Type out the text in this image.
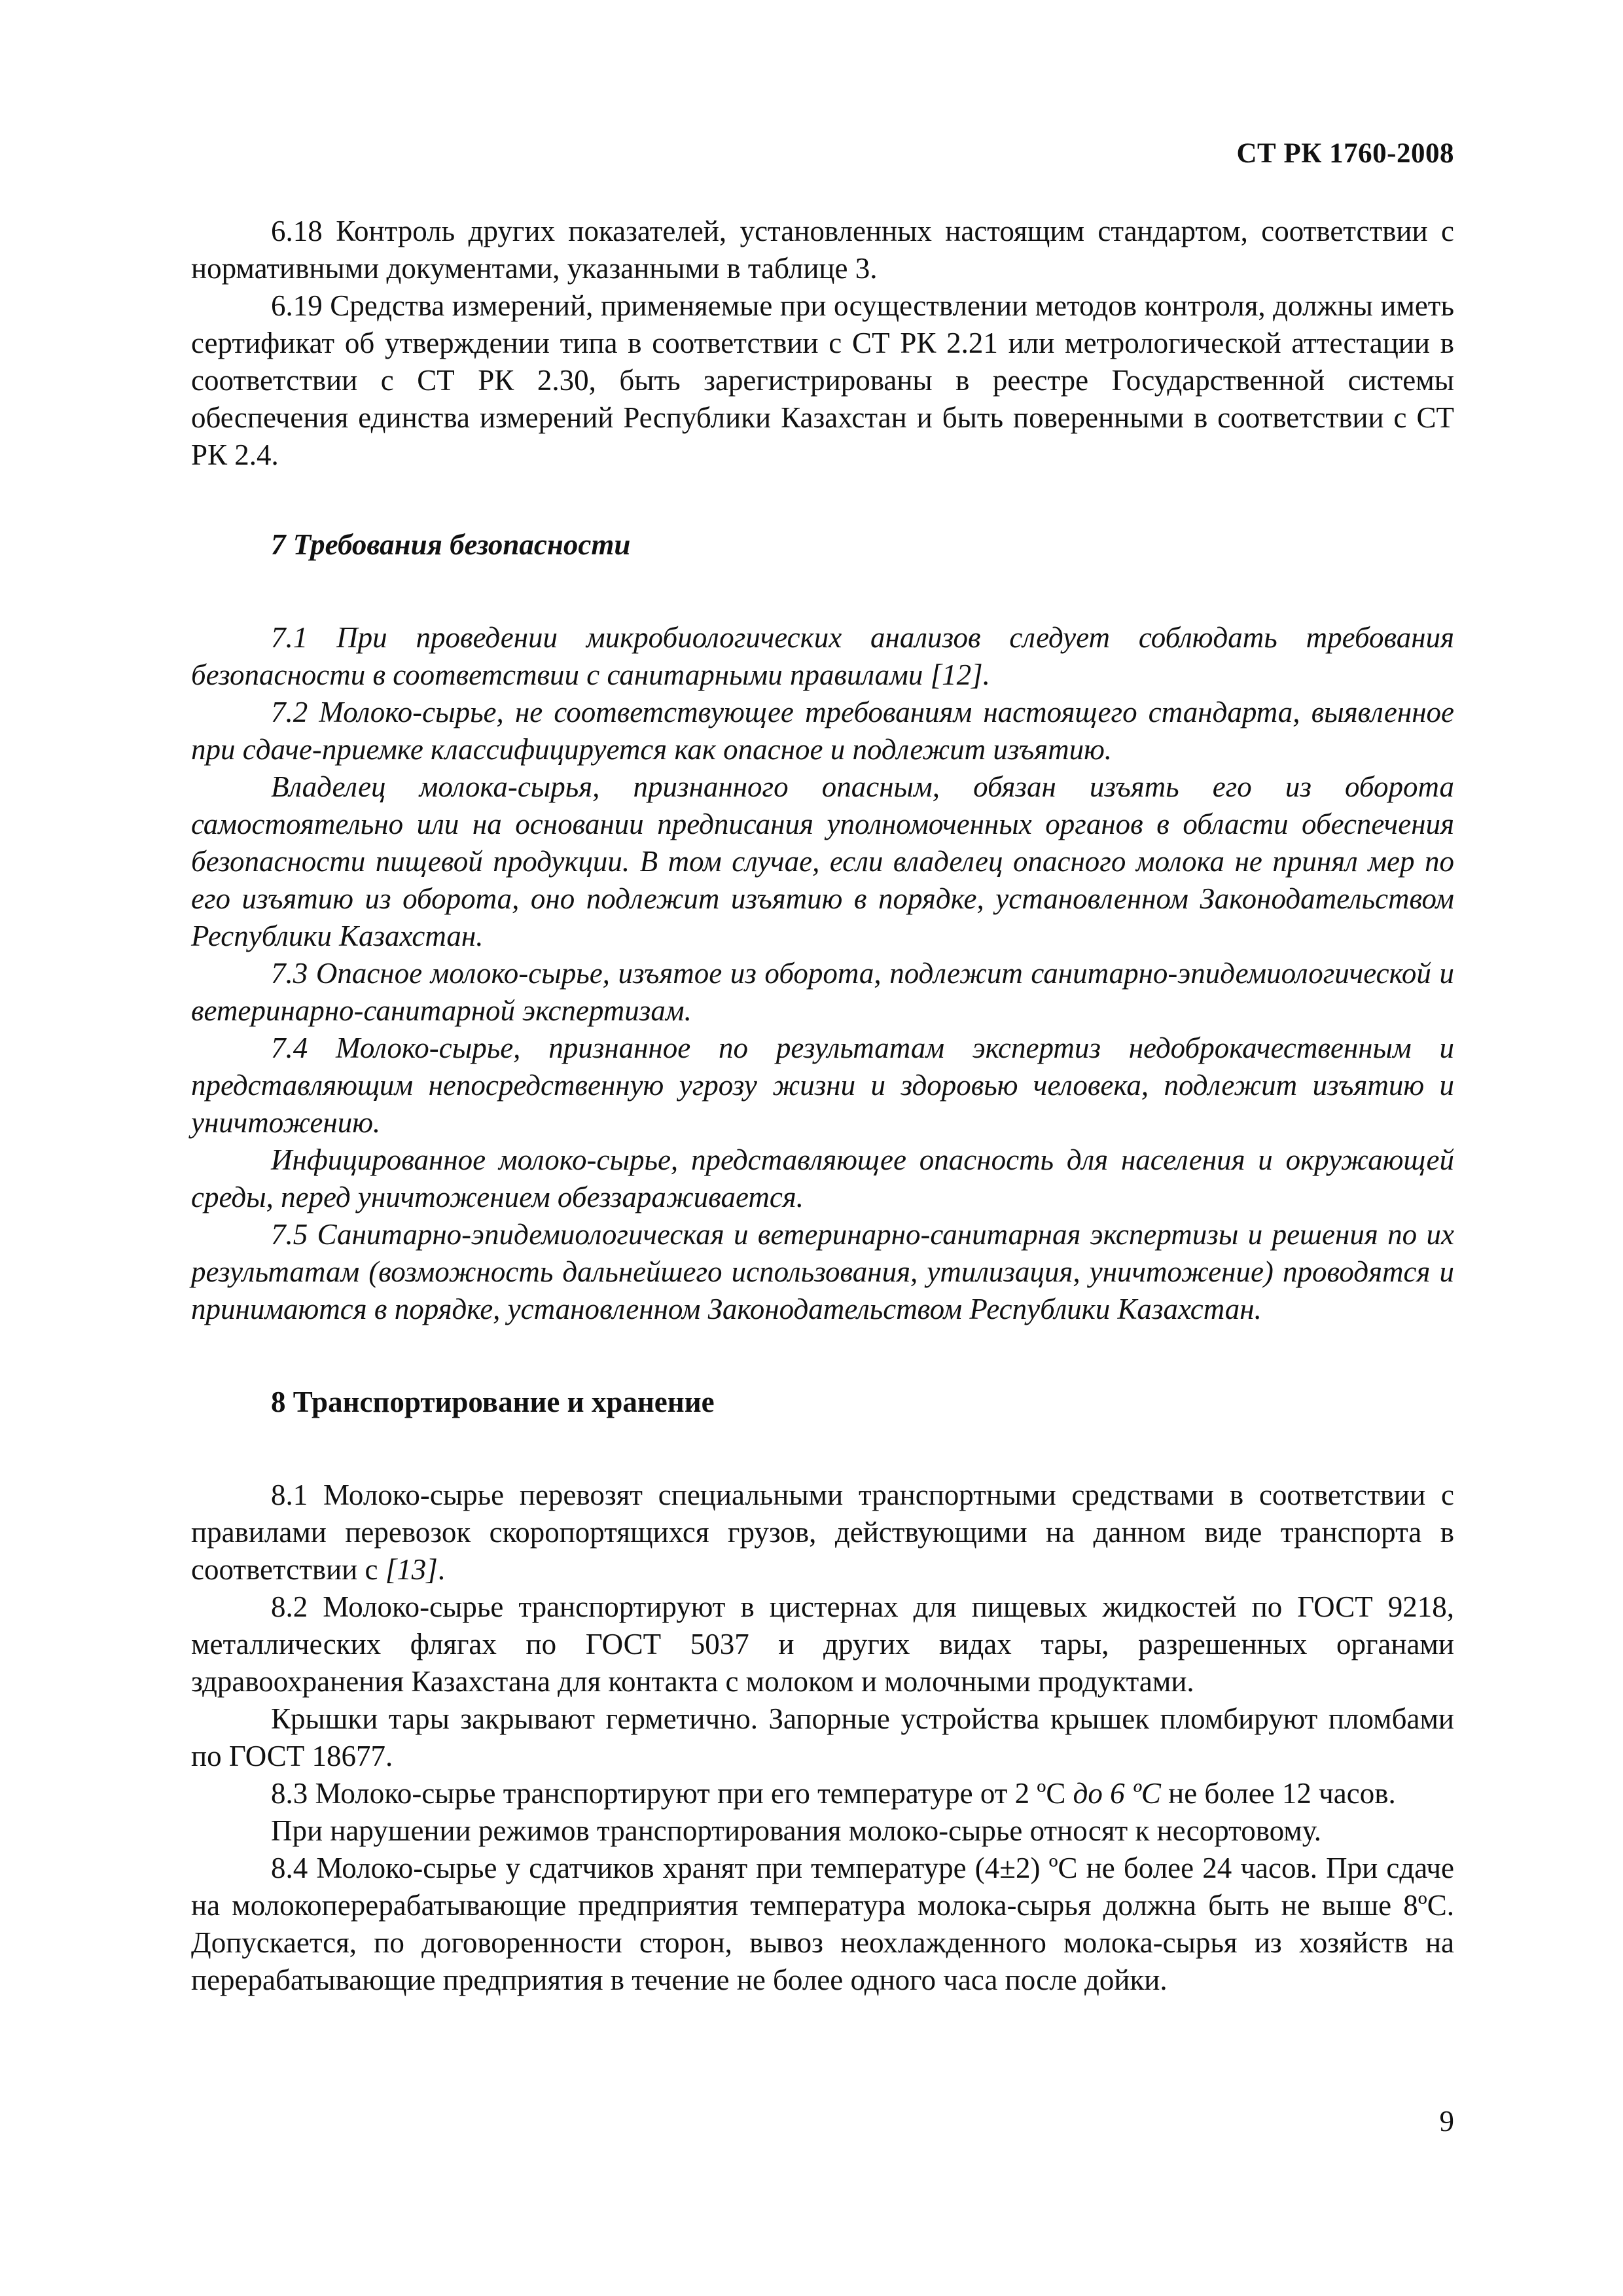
СТ РК 1760-2008

6.18 Контроль других показателей, установленных настоящим стандартом, соответствии с нормативными документами, указанными в таблице 3.

6.19 Средства измерений, применяемые при осуществлении методов контроля, должны иметь сертификат об утверждении типа в соответствии с СТ РК 2.21 или метрологической аттестации в соответствии с СТ РК 2.30, быть зарегистрированы в реестре Государственной системы обеспечения единства измерений Республики Казахстан и быть поверенными в соответствии с СТ РК 2.4.

7 Требования безопасности

7.1 При проведении микробиологических анализов следует соблюдать требования безопасности в соответствии с санитарными правилами [12].

7.2 Молоко-сырье, не соответствующее требованиям настоящего стандарта, выявленное при сдаче-приемке классифицируется как опасное и подлежит изъятию.

Владелец молока-сырья, признанного опасным, обязан изъять его из оборота самостоятельно или на основании предписания уполномоченных органов в области обеспечения безопасности пищевой продукции. В том случае, если владелец опасного молока не принял мер по его изъятию из оборота, оно подлежит изъятию в порядке, установленном Законодательством Республики Казахстан.

7.3 Опасное молоко-сырье, изъятое из оборота, подлежит санитарно-эпидемиологической и ветеринарно-санитарной экспертизам.

7.4 Молоко-сырье, признанное по результатам экспертиз недоброкачественным и представляющим непосредственную угрозу жизни и здоровью человека, подлежит изъятию и уничтожению.

Инфицированное молоко-сырье, представляющее опасность для населения и окружающей среды, перед уничтожением обеззараживается.

7.5 Санитарно-эпидемиологическая и ветеринарно-санитарная экспертизы и решения по их результатам (возможность дальнейшего использования, утилизация, уничтожение) проводятся и принимаются в порядке, установленном Законодательством Республики Казахстан.

8 Транспортирование и хранение

8.1 Молоко-сырье перевозят специальными транспортными средствами в соответствии с правилами перевозок скоропортящихся грузов, действующими на данном виде транспорта в соответствии с [13].

8.2 Молоко-сырье транспортируют в цистернах для пищевых жидкостей по ГОСТ 9218, металлических флягах по ГОСТ 5037 и других видах тары, разрешенных органами здравоохранения Казахстана для контакта с молоком и молочными продуктами.

Крышки тары закрывают герметично. Запорные устройства крышек пломбируют пломбами по ГОСТ 18677.

8.3 Молоко-сырье транспортируют при его температуре от 2 ºC до 6 ºC не более 12 часов.

При нарушении режимов транспортирования молоко-сырье относят к несортовому.

8.4 Молоко-сырье у сдатчиков хранят при температуре (4±2) ºC не более 24 часов. При сдаче на молокоперерабатывающие предприятия температура молока-сырья должна быть не выше 8ºC. Допускается, по договоренности сторон, вывоз неохлажденного молока-сырья из хозяйств на перерабатывающие предприятия в течение не более одного часа после дойки.

9
